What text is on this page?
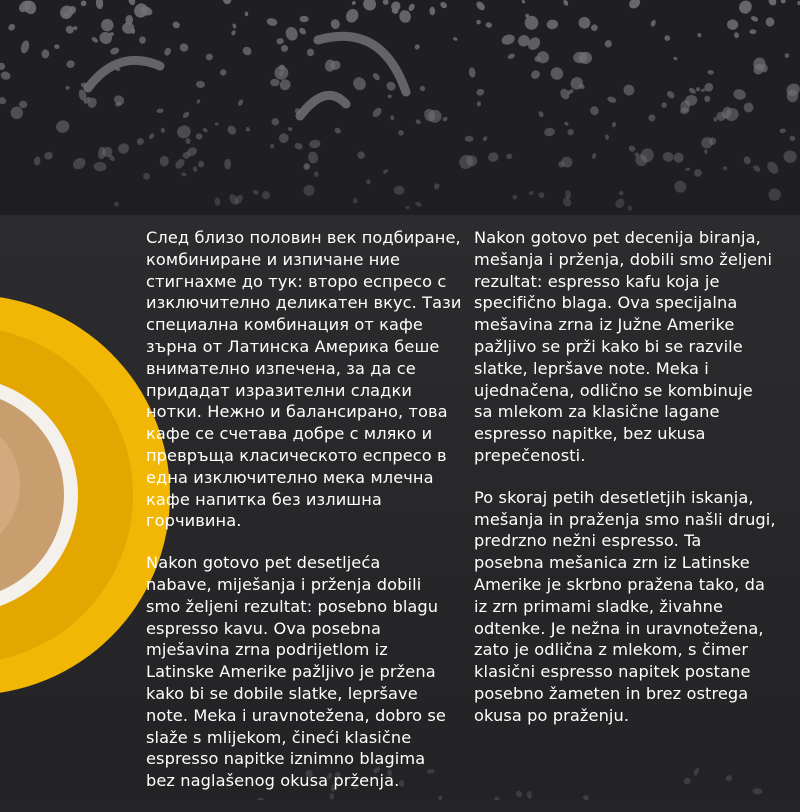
След близо половин век подбиране,
комбиниране и изпичане ние
стигнахме до тук: второ еспресо с
изключително деликатен вкус. Тази
специална комбинация от кафе
зърна от Латинска Америка беше
внимателно изпечена, за да се
придадат изразителни сладки
нотки. Нежно и балансирано, това
кафе се счетава добре с мляко и
превръща класическото еспресо в
една изключително мека млечна
кафе напитка без излишна
горчивина.

Nakon gotovo pet desetljeća
nabave, miješanja i prženja dobili
smo željeni rezultat: posebno blagu
espresso kavu. Ova posebna
mješavina zrna podrijetlom iz
Latinske Amerike pažljivo je pržena
kako bi se dobile slatke, lepršave
note. Meka i uravnotežena, dobro se
slaže s mlijekom, čineći klasične
espresso napitke iznimno blagima
bez naglašenog okusa prženja.

Nakon gotovo pet decenija biranja,
mešanja i prženja, dobili smo željeni
rezultat: espresso kafu koja je
specifično blaga. Ova specijalna
mešavina zrna iz Južne Amerike
pažljivo se prži kako bi se razvile
slatke, lepršave note. Meka i
ujednačena, odlično se kombinuje
sa mlekom za klasične lagane
espresso napitke, bez ukusa
prepečenosti.

Po skoraj petih desetletjih iskanja,
mešanja in praženja smo našli drugi,
predrzno nežni espresso. Ta
posebna mešanica zrn iz Latinske
Amerike je skrbno pražena tako, da
iz zrn primami sladke, živahne
odtenke. Je nežna in uravnotežena,
zato je odlična z mlekom, s čimer
klasični espresso napitek postane
posebno žameten in brez ostrega
okusa po praženju.
